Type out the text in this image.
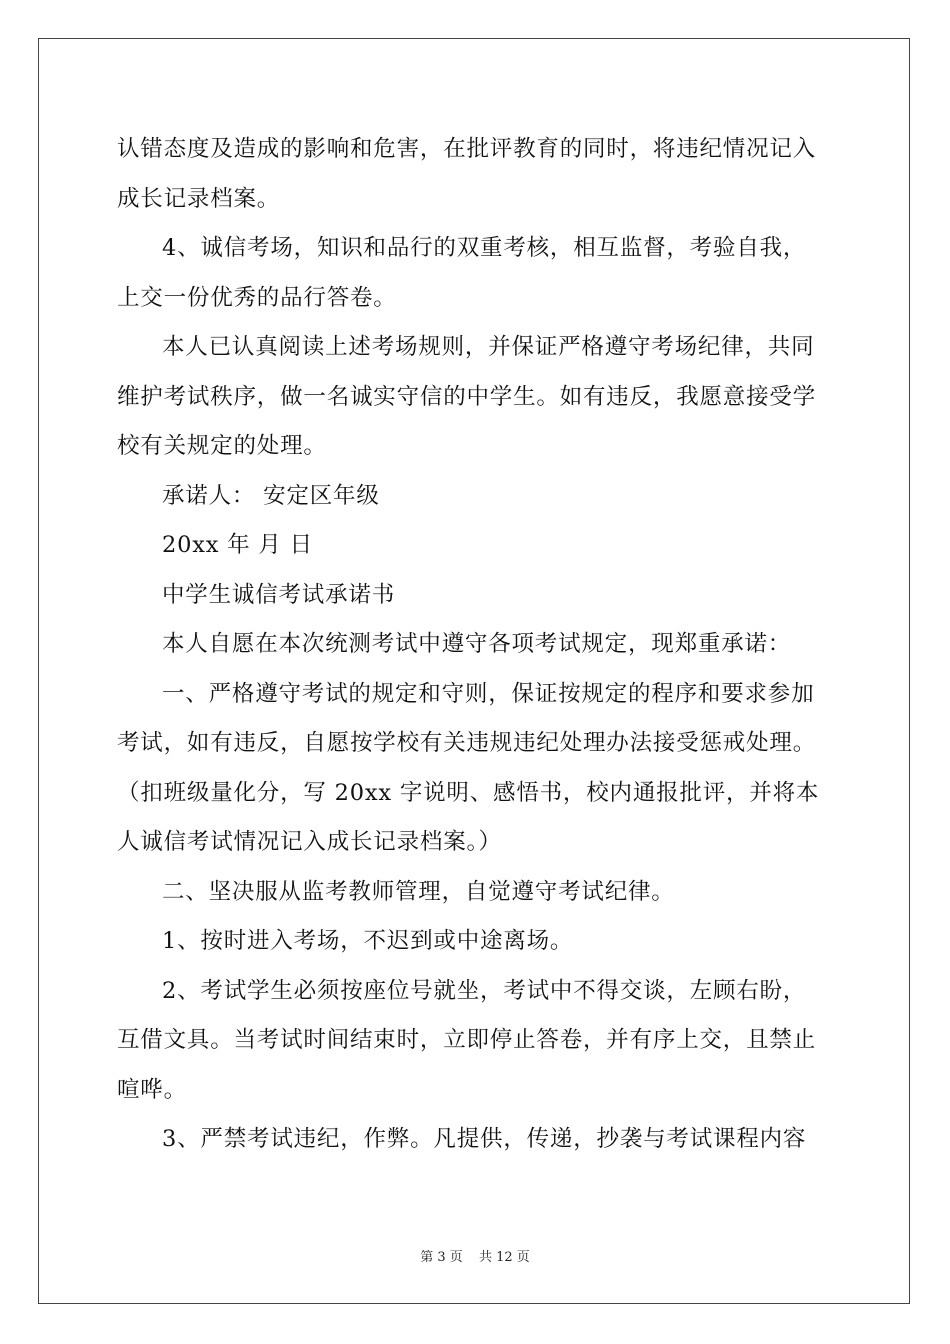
认错态度及造成的影响和危害，在批评教育的同时，将违纪情况记入
成长记录档案。
4、诚信考场，知识和品行的双重考核，相互监督，考验自我，
上交一份优秀的品行答卷。
本人已认真阅读上述考场规则，并保证严格遵守考场纪律，共同
维护考试秩序，做一名诚实守信的中学生。如有违反，我愿意接受学
校有关规定的处理。
承诺人： 安定区年级
20xx 年 月 日
中学生诚信考试承诺书
本人自愿在本次统测考试中遵守各项考试规定，现郑重承诺：
一、严格遵守考试的规定和守则，保证按规定的程序和要求参加
考试，如有违反，自愿按学校有关违规违纪处理办法接受惩戒处理。
（扣班级量化分，写 20xx 字说明、感悟书，校内通报批评，并将本
人诚信考试情况记入成长记录档案。）
二、坚决服从监考教师管理，自觉遵守考试纪律。
1、按时进入考场，不迟到或中途离场。
2、考试学生必须按座位号就坐，考试中不得交谈，左顾右盼，
互借文具。当考试时间结束时，立即停止答卷，并有序上交，且禁止
喧哗。
3、严禁考试违纪，作弊。凡提供，传递，抄袭与考试课程内容
第 3 页 共 12 页
